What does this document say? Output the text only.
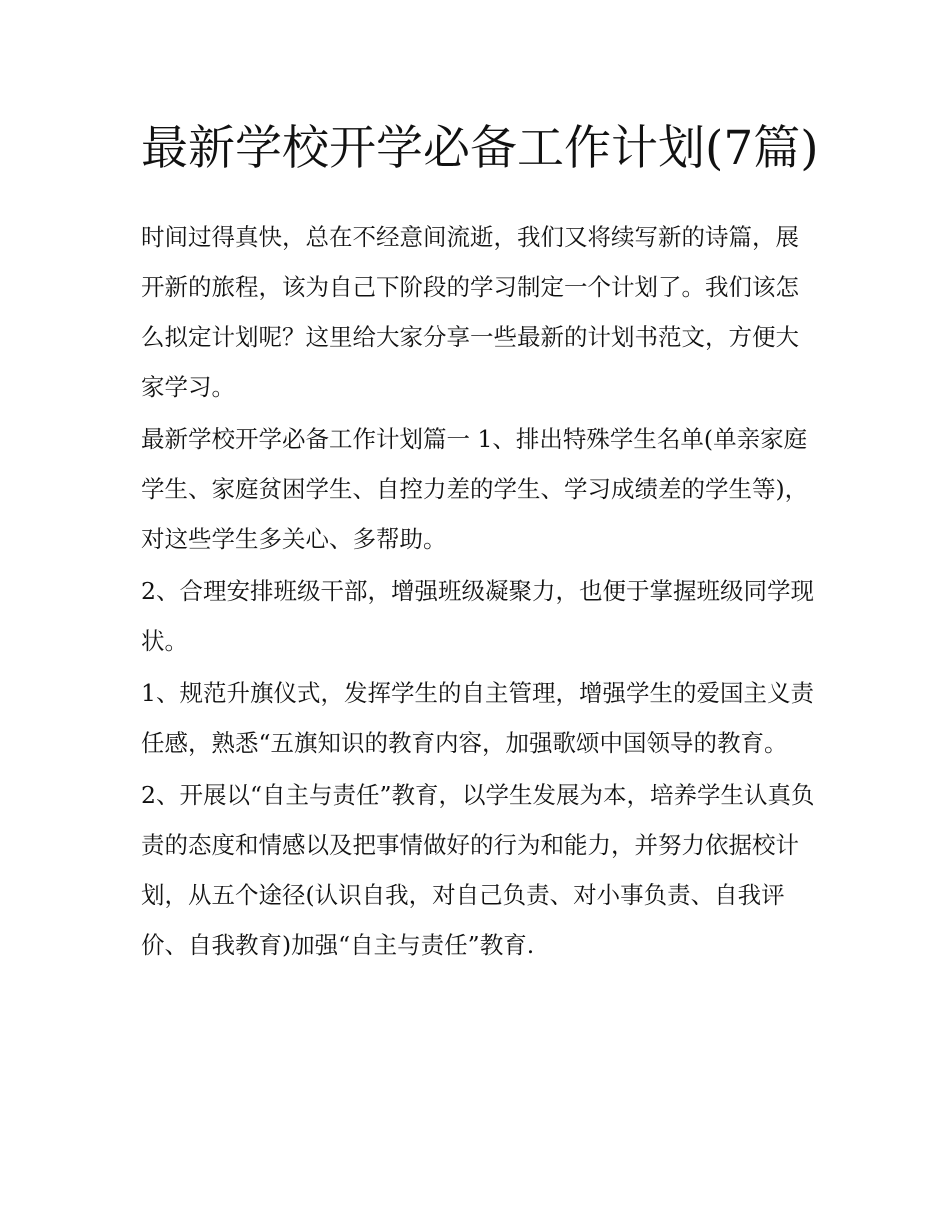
最新学校开学必备工作计划(7篇)

时间过得真快，总在不经意间流逝，我们又将续写新的诗篇，展开新的旅程，该为自己下阶段的学习制定一个计划了。我们该怎么拟定计划呢？这里给大家分享一些最新的计划书范文，方便大家学习。

最新学校开学必备工作计划篇一 1、排出特殊学生名单(单亲家庭学生、家庭贫困学生、自控力差的学生、学习成绩差的学生等)，对这些学生多关心、多帮助。

2、合理安排班级干部，增强班级凝聚力，也便于掌握班级同学现状。

1、规范升旗仪式，发挥学生的自主管理，增强学生的爱国主义责任感，熟悉“五旗知识的教育内容，加强歌颂中国领导的教育。

2、开展以“自主与责任”教育，以学生发展为本，培养学生认真负责的态度和情感以及把事情做好的行为和能力，并努力依据校计划，从五个途径(认识自我，对自己负责、对小事负责、自我评价、自我教育)加强“自主与责任”教育.
